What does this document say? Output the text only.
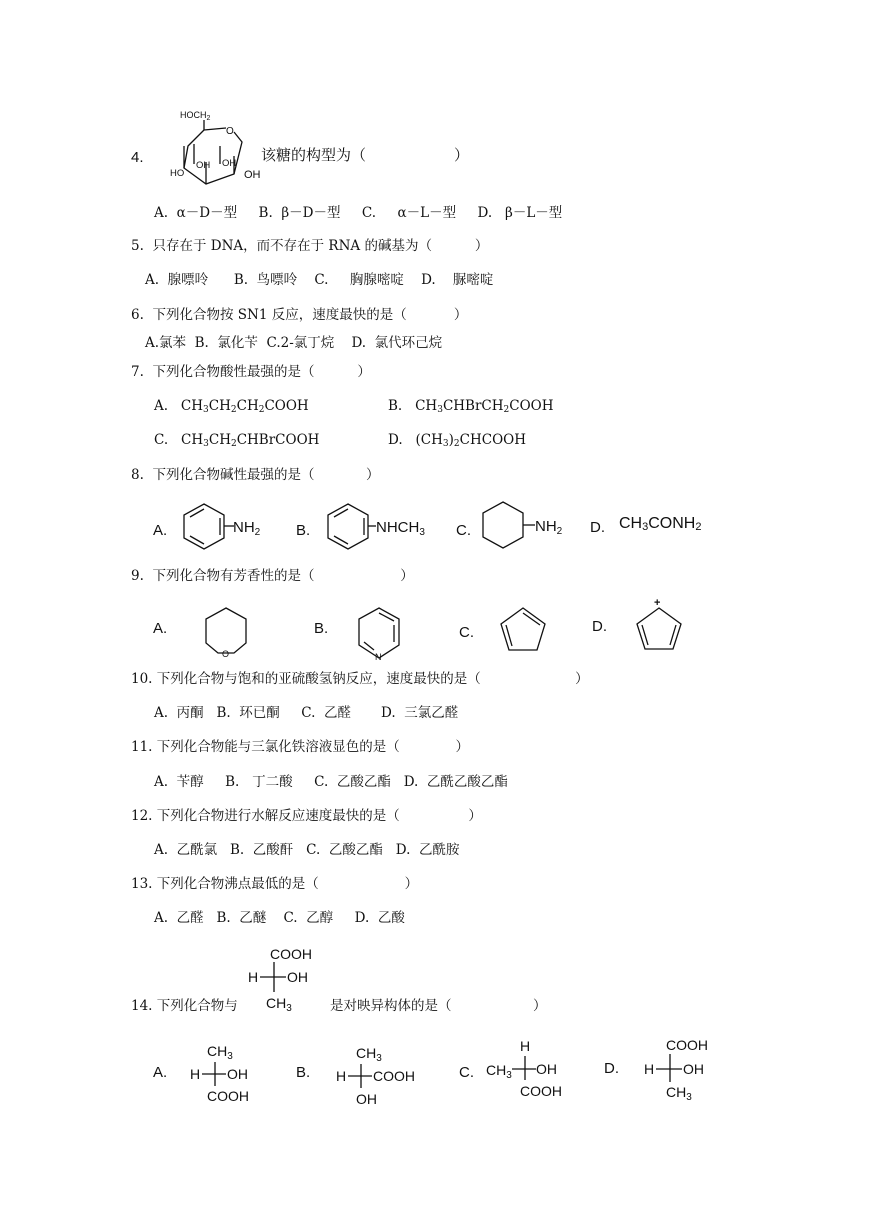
4.
$HOCH_2$
O
OH OH
HO	OH
该糖的构型为（	）
A.  α－D－型     B.  β－D－型     C.     α－L－型     D.   β－L－型
5.  只存在于 DNA，而不存在于 RNA 的碱基为（          ）
A.  腺嘌呤      B.  鸟嘌呤    C.     胸腺嘧啶    D.    脲嘧啶
6.  下列化合物按 SN1 反应，速度最快的是（           ）
A.氯苯  B.  氯化苄  C.2-氯丁烷    D.  氯代环己烷
7.  下列化合物酸性最强的是（          ）
A. $CH_3CH_2CH_2COOH$	B. $CH_3CHBrCH_2COOH$
C. $CH_3CH_2CHBrCOOH$	D. $(CH_3)_2CHCOOH$
8.  下列化合物碱性最强的是（            ）
A.	$NH_2$ B.	$NHCH_3$ C.	$NH_2$ D. $CH_3CONH_2$
9.  下列化合物有芳香性的是（                    ）
A.
O
B.
N
C.	D.
+
10. 下列化合物与饱和的亚硫酸氢钠反应，速度最快的是（                      ）
A.  丙酮   B.  环已酮     C.  乙醛       D.  三氯乙醛
11. 下列化合物能与三氯化铁溶液显色的是（             ）
A.  苄醇     B.   丁二酸     C.  乙酸乙酯   D.  乙酰乙酸乙酯
12. 下列化合物进行水解反应速度最快的是（                ）
A.  乙酰氯   B.  乙酸酐   C.  乙酸乙酯   D.  乙酰胺
13. 下列化合物沸点最低的是（                    ）
A.  乙醛   B.  乙醚    C.  乙醇     D.  乙酸
14. 下列化合物与
COOH
H OH
$CH_3$	是对映异构体的是（                   ）
A.
$CH_3$
H OH
COOH
B.
$CH_3$
H COOH
OH
C.
H
$CH_3$ OH
COOH
D.
COOH
H OH
$CH_3$
